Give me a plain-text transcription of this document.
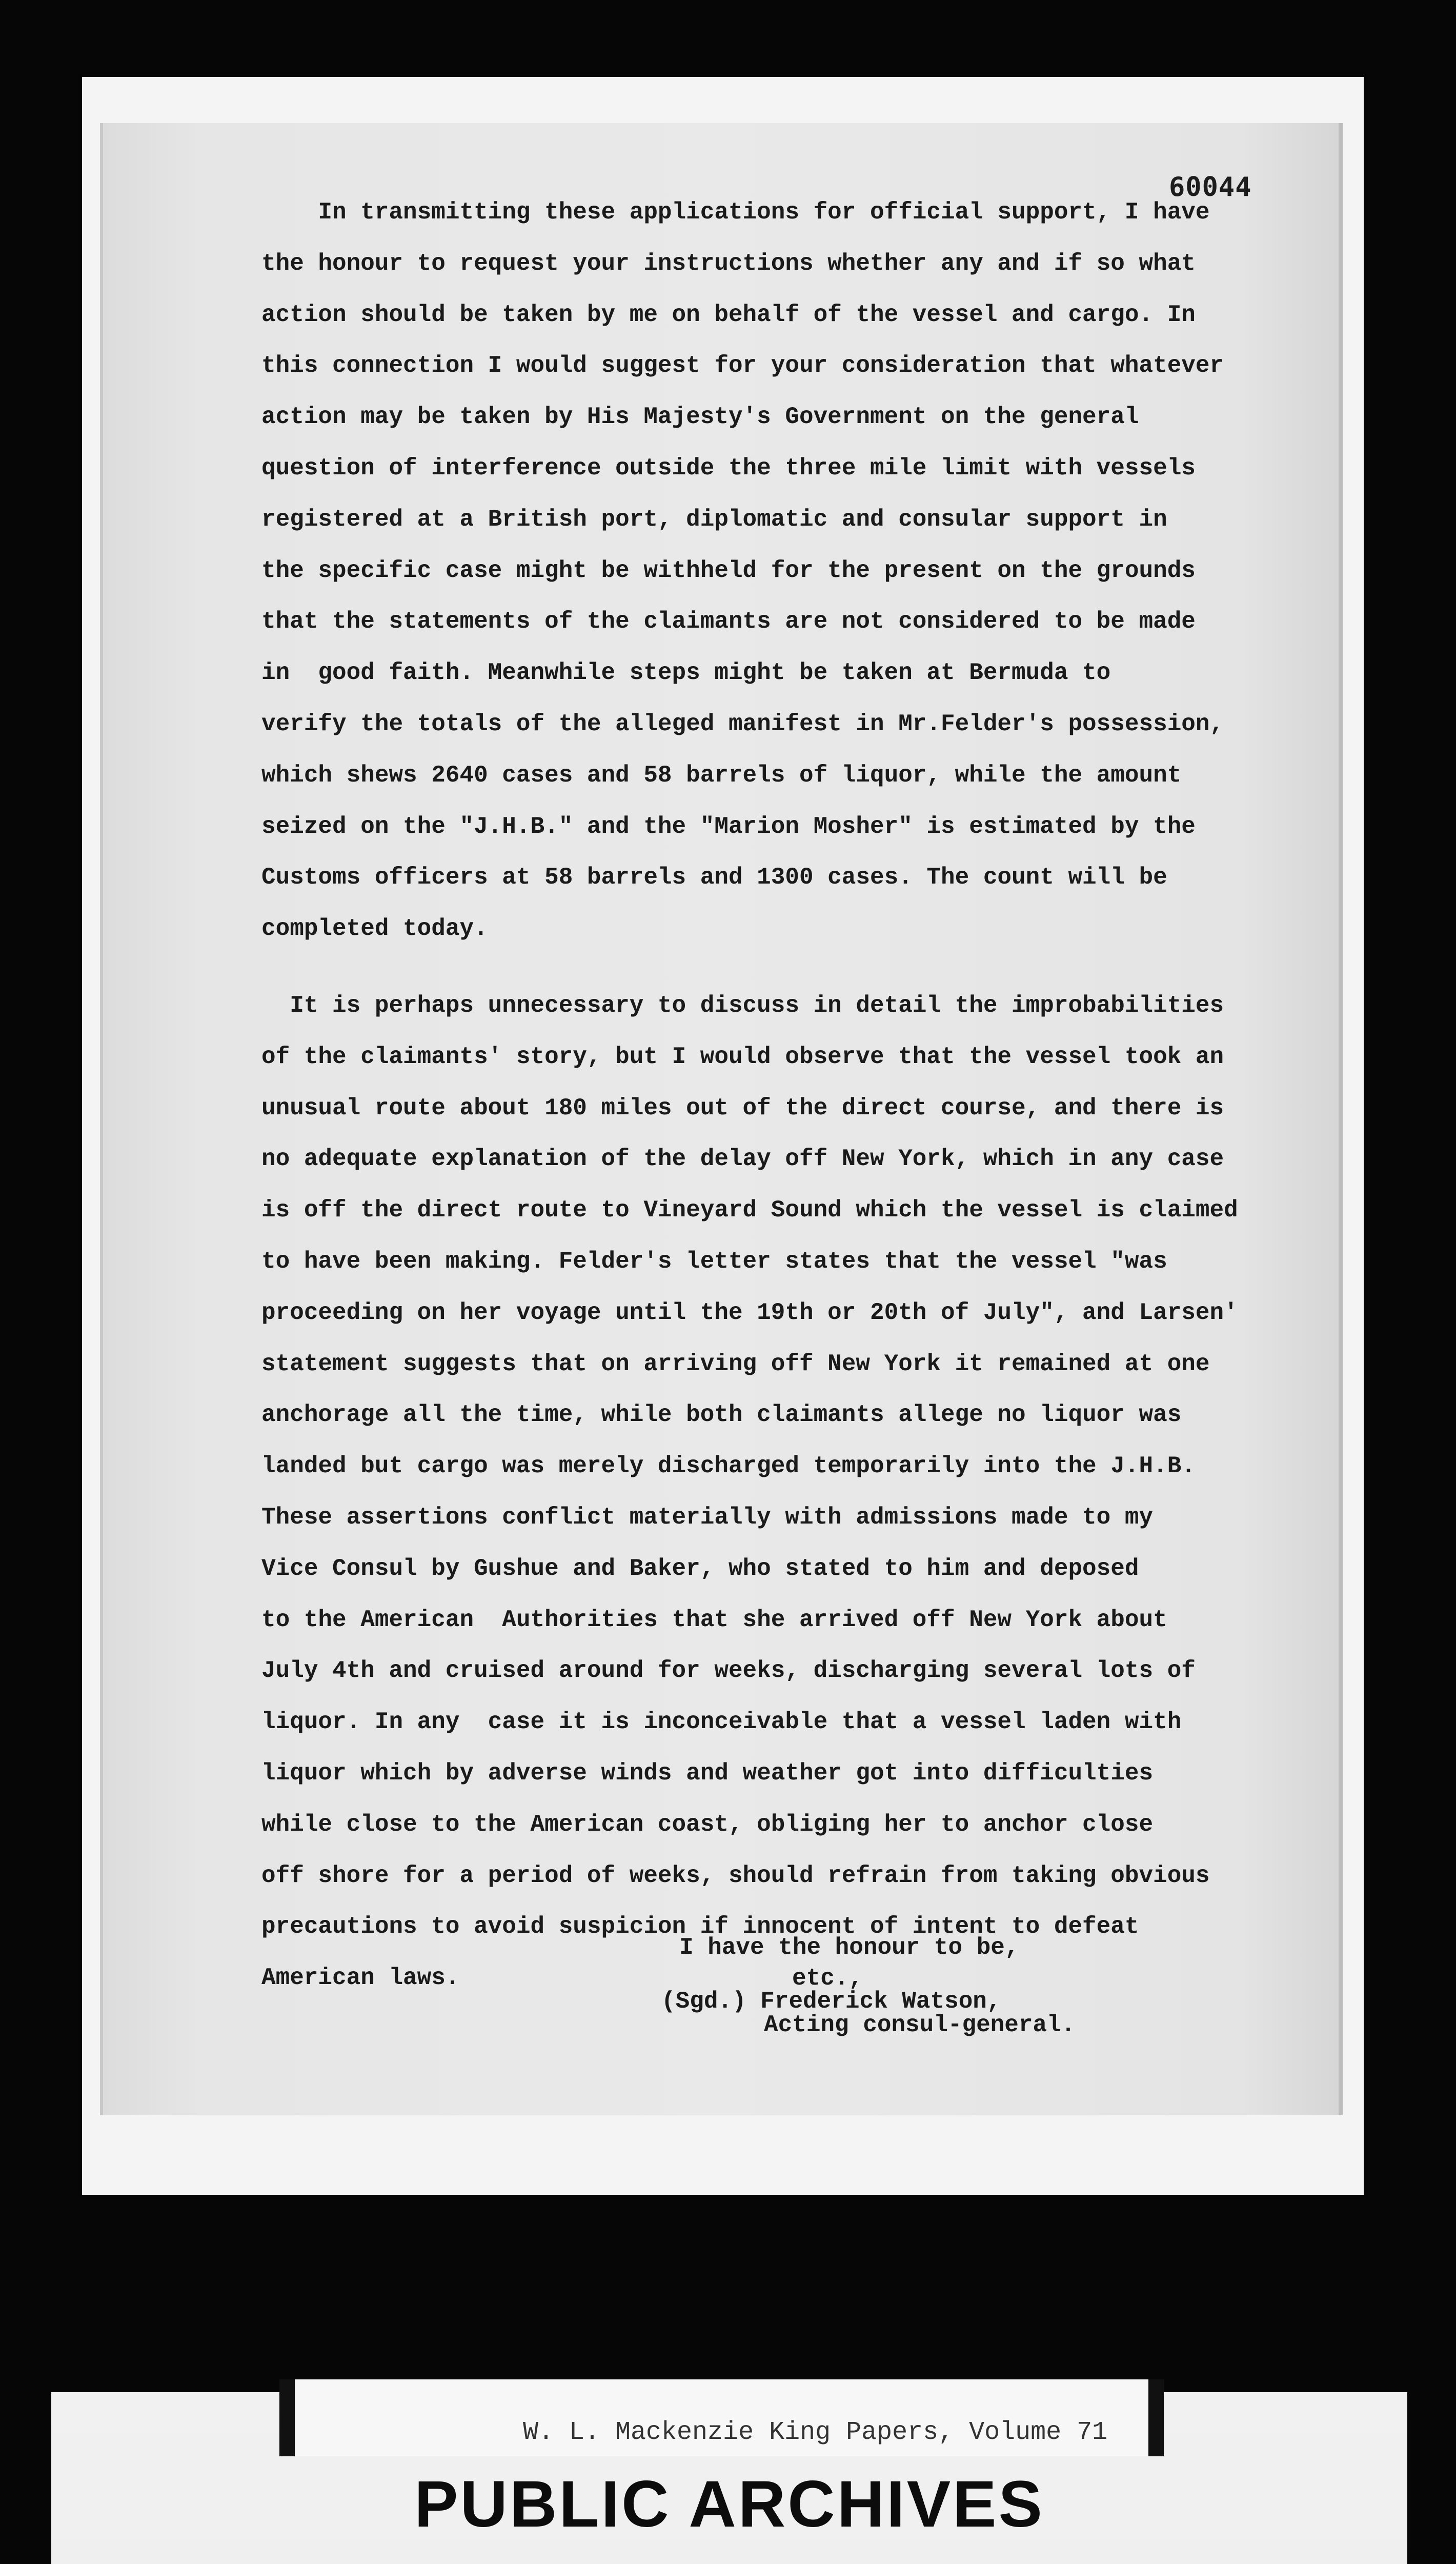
60044
In transmitting these applications for official support, I have
the honour to request your instructions whether any and if so what
action should be taken by me on behalf of the vessel and cargo. In
this connection I would suggest for your consideration that whatever
action may be taken by His Majesty's Government on the general
question of interference outside the three mile limit with vessels
registered at a British port, diplomatic and consular support in
the specific case might be withheld for the present on the grounds
that the statements of the claimants are not considered to be made
in  good faith. Meanwhile steps might be taken at Bermuda to
verify the totals of the alleged manifest in Mr.Felder's possession,
which shews 2640 cases and 58 barrels of liquor, while the amount
seized on the "J.H.B." and the "Marion Mosher" is estimated by the
Customs officers at 58 barrels and 1300 cases. The count will be
completed today.
It is perhaps unnecessary to discuss in detail the improbabilities
of the claimants' story, but I would observe that the vessel took an
unusual route about 180 miles out of the direct course, and there is
no adequate explanation of the delay off New York, which in any case
is off the direct route to Vineyard Sound which the vessel is claimed
to have been making. Felder's letter states that the vessel "was
proceeding on her voyage until the 19th or 20th of July", and Larsen'
statement suggests that on arriving off New York it remained at one
anchorage all the time, while both claimants allege no liquor was
landed but cargo was merely discharged temporarily into the J.H.B.
These assertions conflict materially with admissions made to my
Vice Consul by Gushue and Baker, who stated to him and deposed
to the American  Authorities that she arrived off New York about
July 4th and cruised around for weeks, discharging several lots of
liquor. In any  case it is inconceivable that a vessel laden with
liquor which by adverse winds and weather got into difficulties
while close to the American coast, obliging her to anchor close
off shore for a period of weeks, should refrain from taking obvious
precautions to avoid suspicion if innocent of intent to defeat
American laws.
I have the honour to be,
etc.,
(Sgd.) Frederick Watson,
Acting consul-general.
W. L. Mackenzie King Papers, Volume 71
PUBLIC ARCHIVES
